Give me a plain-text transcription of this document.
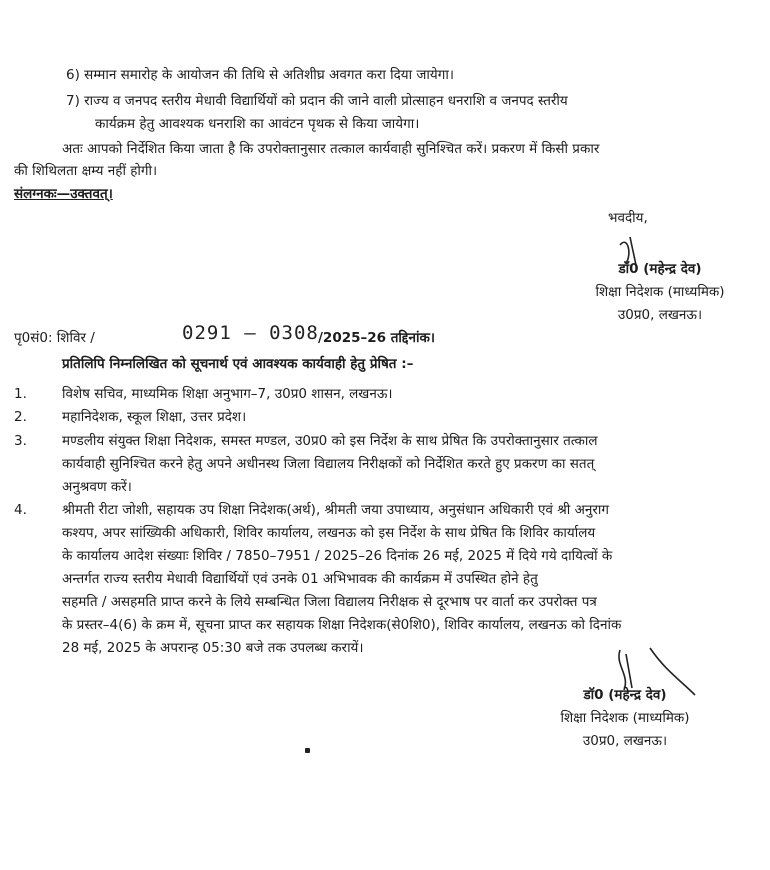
6) सम्मान समारोह के आयोजन की तिथि से अतिशीघ्र अवगत करा दिया जायेगा।
7) राज्य व जनपद स्तरीय मेधावी विद्यार्थियों को प्रदान की जाने वाली प्रोत्साहन धनराशि व जनपद स्तरीय
कार्यक्रम हेतु आवश्यक धनराशि का आवंटन पृथक से किया जायेगा।
अतः आपको निर्देशित किया जाता है कि उपरोक्तानुसार तत्काल कार्यवाही सुनिश्चित करें। प्रकरण में किसी प्रकार
की शिथिलता क्षम्य नहीं होगी।
संलग्नकः—उक्तवत्।
भवदीय,
डॉ0 (महेन्द्र देव)
शिक्षा निदेशक (माध्यमिक)
उ0प्र0, लखनऊ।
पृ0सं0: शिविर /	0291 – 0308 /2025–26 तद्दिनांक।
प्रतिलिपि निम्नलिखित को सूचनार्थ एवं आवश्यक कार्यवाही हेतु प्रेषित :–
1.	विशेष सचिव, माध्यमिक शिक्षा अनुभाग–7, उ0प्र0 शासन, लखनऊ।
2.	महानिदेशक, स्कूल शिक्षा, उत्तर प्रदेश।
3.	मण्डलीय संयुक्त शिक्षा निदेशक, समस्त मण्डल, उ0प्र0 को इस निर्देश के साथ प्रेषित कि उपरोक्तानुसार तत्काल
कार्यवाही सुनिश्चित करने हेतु अपने अधीनस्थ जिला विद्यालय निरीक्षकों को निर्देशित करते हुए प्रकरण का सतत्
अनुश्रवण करें।
4.	श्रीमती रीटा जोशी, सहायक उप शिक्षा निदेशक(अर्थ), श्रीमती जया उपाध्याय, अनुसंधान अधिकारी एवं श्री अनुराग
कश्यप, अपर सांख्यिकी अधिकारी, शिविर कार्यालय, लखनऊ को इस निर्देश के साथ प्रेषित कि शिविर कार्यालय
के कार्यालय आदेश संख्याः शिविर / 7850–7951 / 2025–26 दिनांक 26 मई, 2025 में दिये गये दायित्वों के
अन्तर्गत राज्य स्तरीय मेधावी विद्यार्थियों एवं उनके 01 अभिभावक की कार्यक्रम में उपस्थित होने हेतु
सहमति / असहमति प्राप्त करने के लिये सम्बन्धित जिला विद्यालय निरीक्षक से दूरभाष पर वार्ता कर उपरोक्त पत्र
के प्रस्तर–4(6) के क्रम में, सूचना प्राप्त कर सहायक शिक्षा निदेशक(से0शि0), शिविर कार्यालय, लखनऊ को दिनांक
28 मई, 2025 के अपरान्ह 05:30 बजे तक उपलब्ध करायें।
डॉ0 (महेन्द्र देव)
शिक्षा निदेशक (माध्यमिक)
उ0प्र0, लखनऊ।
